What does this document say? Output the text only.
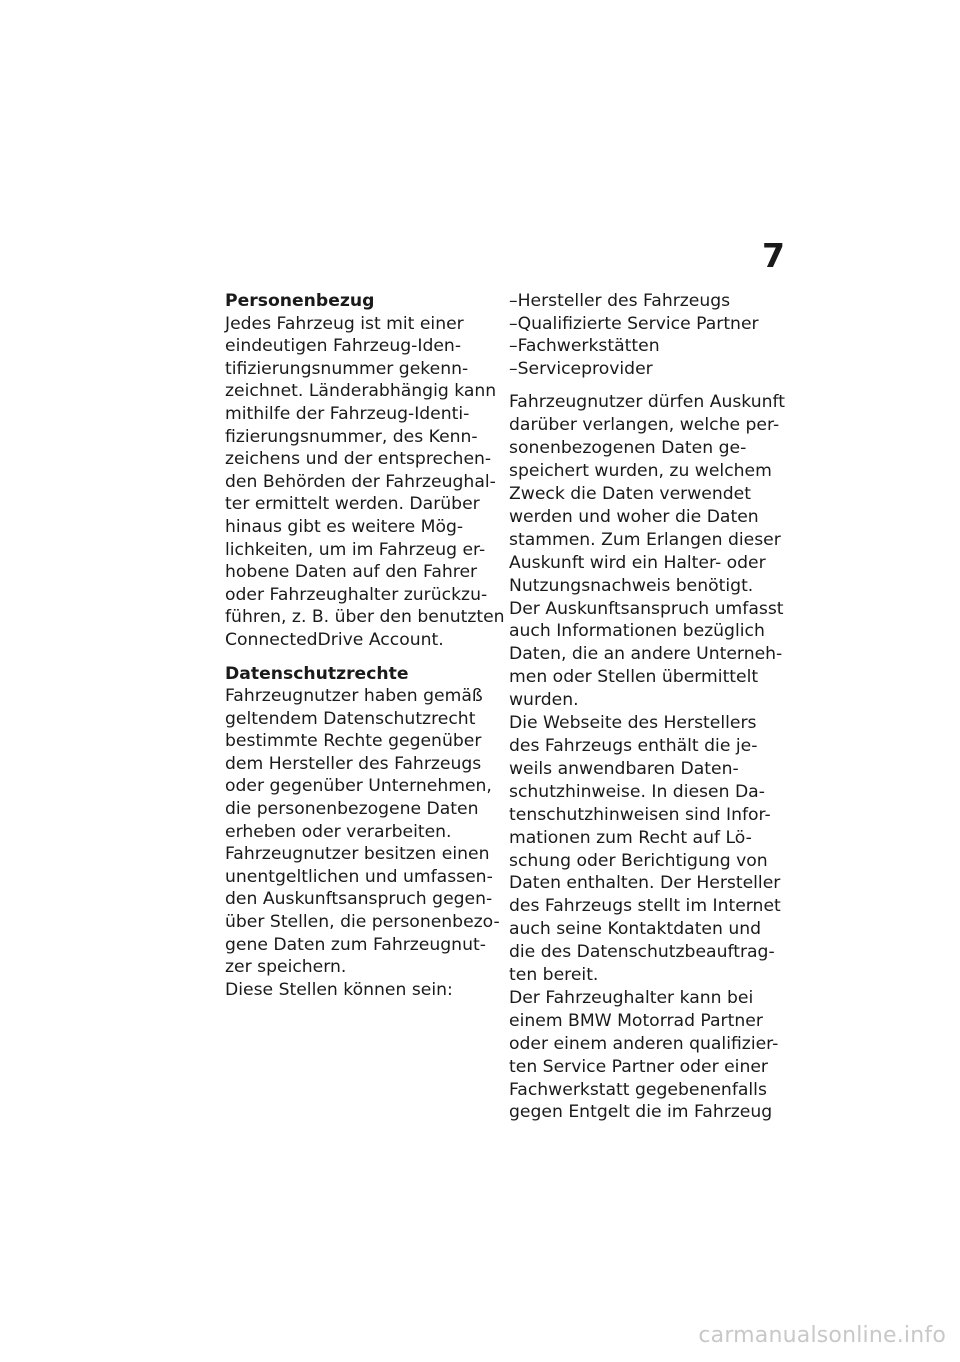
7

Personenbezug

Jedes Fahrzeug ist mit einer
eindeutigen Fahrzeug-Iden-
tifizierungsnummer gekenn-
zeichnet. Länderabhängig kann
mithilfe der Fahrzeug-Identi-
fizierungsnummer, des Kenn-
zeichens und der entsprechen-
den Behörden der Fahrzeughal-
ter ermittelt werden. Darüber
hinaus gibt es weitere Mög-
lichkeiten, um im Fahrzeug er-
hobene Daten auf den Fahrer
oder Fahrzeughalter zurückzu-
führen, z. B. über den benutzten
ConnectedDrive Account.

Datenschutzrechte

Fahrzeugnutzer haben gemäß
geltendem Datenschutzrecht
bestimmte Rechte gegenüber
dem Hersteller des Fahrzeugs
oder gegenüber Unternehmen,
die personenbezogene Daten
erheben oder verarbeiten.
Fahrzeugnutzer besitzen einen
unentgeltlichen und umfassen-
den Auskunftsanspruch gegen-
über Stellen, die personenbezo-
gene Daten zum Fahrzeugnut-
zer speichern.
Diese Stellen können sein:

–Hersteller des Fahrzeugs
–Qualifizierte Service Partner
–Fachwerkstätten
–Serviceprovider

Fahrzeugnutzer dürfen Auskunft
darüber verlangen, welche per-
sonenbezogenen Daten ge-
speichert wurden, zu welchem
Zweck die Daten verwendet
werden und woher die Daten
stammen. Zum Erlangen dieser
Auskunft wird ein Halter- oder
Nutzungsnachweis benötigt.
Der Auskunftsanspruch umfasst
auch Informationen bezüglich
Daten, die an andere Unterneh-
men oder Stellen übermittelt
wurden.
Die Webseite des Herstellers
des Fahrzeugs enthält die je-
weils anwendbaren Daten-
schutzhinweise. In diesen Da-
tenschutzhinweisen sind Infor-
mationen zum Recht auf Lö-
schung oder Berichtigung von
Daten enthalten. Der Hersteller
des Fahrzeugs stellt im Internet
auch seine Kontaktdaten und
die des Datenschutzbeauftrag-
ten bereit.
Der Fahrzeughalter kann bei
einem BMW Motorrad Partner
oder einem anderen qualifizier-
ten Service Partner oder einer
Fachwerkstatt gegebenenfalls
gegen Entgelt die im Fahrzeug

carmanualsonline.info
